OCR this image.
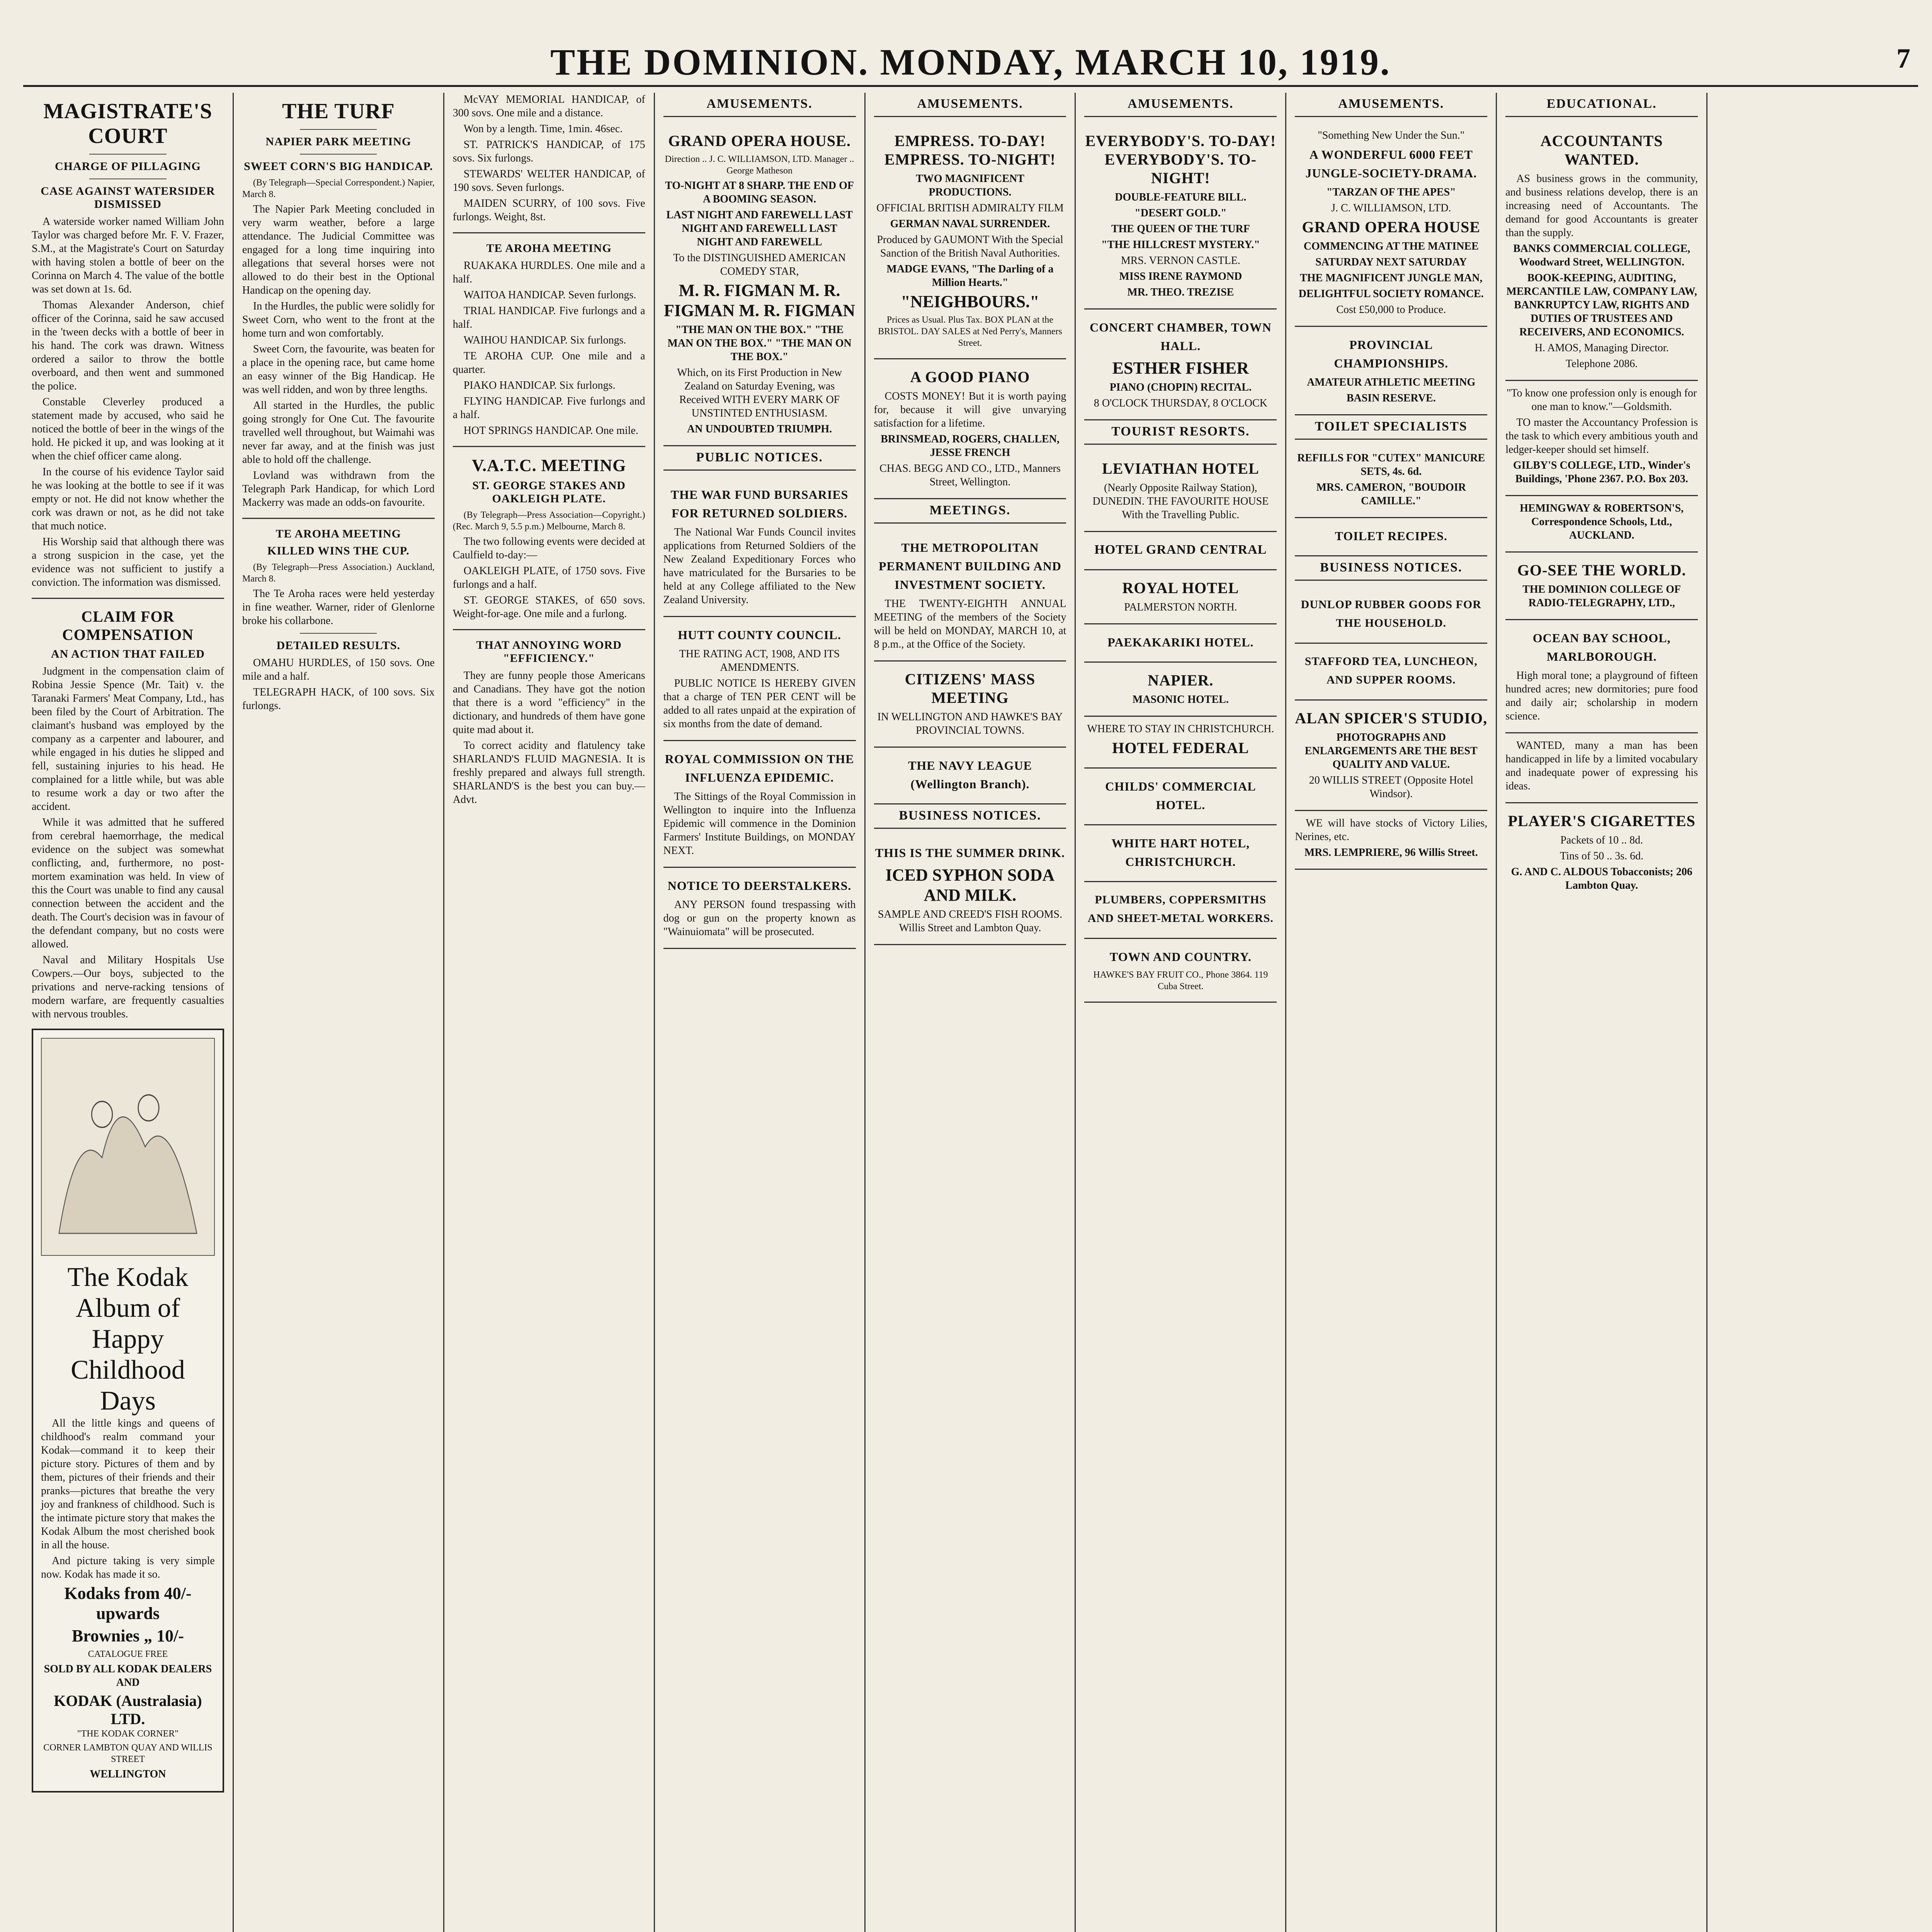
THE DOMINION. MONDAY, MARCH 10, 1919.	7
MAGISTRATE'S COURT
CHARGE OF PILLAGING
CASE AGAINST WATERSIDER DISMISSED

A waterside worker named William John Taylor was charged before Mr. F. V. Frazer, S.M., at the Magistrate's Court on Saturday with having stolen a bottle of beer on the Corinna on March 4. The value of the bottle was set down at 1s. 6d.

Thomas Alexander Anderson, chief officer of the Corinna, said he saw accused in the 'tween decks with a bottle of beer in his hand. The cork was drawn. Witness ordered a sailor to throw the bottle overboard, and then went and summoned the police.

Constable Cleverley produced a statement made by accused, who said he noticed the bottle of beer in the wings of the hold. He picked it up, and was looking at it when the chief officer came along.

In the course of his evidence Taylor said he was looking at the bottle to see if it was empty or not. He did not know whether the cork was drawn or not, as he did not take that much notice.

His Worship said that although there was a strong suspicion in the case, yet the evidence was not sufficient to justify a conviction. The information was dismissed.

CLAIM FOR COMPENSATION
AN ACTION THAT FAILED

Judgment in the compensation claim of Robina Jessie Spence (Mr. Tait) v. the Taranaki Farmers' Meat Company, Ltd., has been filed by the Court of Arbitration. The claimant's husband was employed by the company as a carpenter and labourer, and while engaged in his duties he slipped and fell, sustaining injuries to his head. He complained for a little while, but was able to resume work a day or two after the accident.

While it was admitted that he suffered from cerebral haemorrhage, the medical evidence on the subject was somewhat conflicting, and, furthermore, no post-mortem examination was held. In view of this the Court was unable to find any causal connection between the accident and the death. The Court's decision was in favour of the defendant company, but no costs were allowed.

Naval and Military Hospitals Use Cowpers.—Our boys, subjected to the privations and nerve-racking tensions of modern warfare, are frequently casualties with nervous troubles.

The Kodak Album of Happy Childhood Days

All the little kings and queens of childhood's realm command your Kodak—command it to keep their picture story. Pictures of them and by them, pictures of their friends and their pranks—pictures that breathe the very joy and frankness of childhood. Such is the intimate picture story that makes the Kodak Album the most cherished book in all the house.

And picture taking is very simple now. Kodak has made it so.

Kodaks from 40/- upwards

Brownies „ 10/-

CATALOGUE FREE

SOLD BY ALL KODAK DEALERS AND

KODAK (Australasia) LTD.

"THE KODAK CORNER"

CORNER LAMBTON QUAY AND WILLIS STREET

WELLINGTON

THE TURF
NAPIER PARK MEETING
SWEET CORN'S BIG HANDICAP.

(By Telegraph—Special Correspondent.) Napier, March 8.

The Napier Park Meeting concluded in very warm weather, before a large attendance. The Judicial Committee was engaged for a long time inquiring into allegations that several horses were not allowed to do their best in the Optional Handicap on the opening day.

In the Hurdles, the public were solidly for Sweet Corn, who went to the front at the home turn and won comfortably.

Sweet Corn, the favourite, was beaten for a place in the opening race, but came home an easy winner of the Big Handicap. He was well ridden, and won by three lengths.

All started in the Hurdles, the public going strongly for One Cut. The favourite travelled well throughout, but Waimahi was never far away, and at the finish was just able to hold off the challenge.

Lovland was withdrawn from the Telegraph Park Handicap, for which Lord Mackerry was made an odds-on favourite.

TE AROHA MEETING
KILLED WINS THE CUP.

(By Telegraph—Press Association.) Auckland, March 8.

The Te Aroha races were held yesterday in fine weather. Warner, rider of Glenlorne broke his collarbone.

DETAILED RESULTS.

OMAHU HURDLES, of 150 sovs. One mile and a half.

TELEGRAPH HACK, of 100 sovs. Six furlongs.

McVAY MEMORIAL HANDICAP, of 300 sovs. One mile and a distance.

Won by a length. Time, 1min. 46sec.

ST. PATRICK'S HANDICAP, of 175 sovs. Six furlongs.

STEWARDS' WELTER HANDICAP, of 190 sovs. Seven furlongs.

MAIDEN SCURRY, of 100 sovs. Five furlongs. Weight, 8st.

TE AROHA MEETING

RUAKAKA HURDLES. One mile and a half.

WAITOA HANDICAP. Seven furlongs.

TRIAL HANDICAP. Five furlongs and a half.

WAIHOU HANDICAP. Six furlongs.

TE AROHA CUP. One mile and a quarter.

PIAKO HANDICAP. Six furlongs.

FLYING HANDICAP. Five furlongs and a half.

HOT SPRINGS HANDICAP. One mile.

V.A.T.C. MEETING
ST. GEORGE STAKES AND OAKLEIGH PLATE.

(By Telegraph—Press Association—Copyright.) (Rec. March 9, 5.5 p.m.) Melbourne, March 8.

The two following events were decided at Caulfield to-day:—

OAKLEIGH PLATE, of 1750 sovs. Five furlongs and a half.

ST. GEORGE STAKES, of 650 sovs. Weight-for-age. One mile and a furlong.

THAT ANNOYING WORD "EFFICIENCY."

They are funny people those Americans and Canadians. They have got the notion that there is a word "efficiency" in the dictionary, and hundreds of them have gone quite mad about it.

To correct acidity and flatulency take SHARLAND'S FLUID MAGNESIA. It is freshly prepared and always full strength. SHARLAND'S is the best you can buy.—Advt.

AMUSEMENTS.
GRAND OPERA HOUSE.

Direction .. J. C. WILLIAMSON, LTD. Manager .. George Matheson

TO-NIGHT AT 8 SHARP. THE END OF A BOOMING SEASON.

LAST NIGHT AND FAREWELL LAST NIGHT AND FAREWELL LAST NIGHT AND FAREWELL

To the DISTINGUISHED AMERICAN COMEDY STAR,

M. R. FIGMAN M. R. FIGMAN M. R. FIGMAN

"THE MAN ON THE BOX." "THE MAN ON THE BOX." "THE MAN ON THE BOX."

Which, on its First Production in New Zealand on Saturday Evening, was Received WITH EVERY MARK OF UNSTINTED ENTHUSIASM.

AN UNDOUBTED TRIUMPH.

PUBLIC NOTICES.
THE WAR FUND BURSARIES FOR RETURNED SOLDIERS.

The National War Funds Council invites applications from Returned Soldiers of the New Zealand Expeditionary Forces who have matriculated for the Bursaries to be held at any College affiliated to the New Zealand University.

HUTT COUNTY COUNCIL.

THE RATING ACT, 1908, AND ITS AMENDMENTS.

PUBLIC NOTICE IS HEREBY GIVEN that a charge of TEN PER CENT will be added to all rates unpaid at the expiration of six months from the date of demand.

ROYAL COMMISSION ON THE INFLUENZA EPIDEMIC.

The Sittings of the Royal Commission in Wellington to inquire into the Influenza Epidemic will commence in the Dominion Farmers' Institute Buildings, on MONDAY NEXT.

NOTICE TO DEERSTALKERS.

ANY PERSON found trespassing with dog or gun on the property known as "Wainuiomata" will be prosecuted.

AMUSEMENTS.
EMPRESS. TO-DAY! EMPRESS. TO-NIGHT!

TWO MAGNIFICENT PRODUCTIONS.

OFFICIAL BRITISH ADMIRALTY FILM

GERMAN NAVAL SURRENDER.

Produced by GAUMONT With the Special Sanction of the British Naval Authorities.

MADGE EVANS, "The Darling of a Million Hearts."

"NEIGHBOURS."

Prices as Usual. Plus Tax. BOX PLAN at the BRISTOL. DAY SALES at Ned Perry's, Manners Street.

A GOOD PIANO

COSTS MONEY! But it is worth paying for, because it will give unvarying satisfaction for a lifetime.

BRINSMEAD, ROGERS, CHALLEN, JESSE FRENCH

CHAS. BEGG AND CO., LTD., Manners Street, Wellington.

MEETINGS.
THE METROPOLITAN PERMANENT BUILDING AND INVESTMENT SOCIETY.

THE TWENTY-EIGHTH ANNUAL MEETING of the members of the Society will be held on MONDAY, MARCH 10, at 8 p.m., at the Office of the Society.

CITIZENS' MASS MEETING

IN WELLINGTON AND HAWKE'S BAY PROVINCIAL TOWNS.

THE NAVY LEAGUE (Wellington Branch).
BUSINESS NOTICES.
THIS IS THE SUMMER DRINK.

ICED SYPHON SODA AND MILK.

SAMPLE AND CREED'S FISH ROOMS. Willis Street and Lambton Quay.

AMUSEMENTS.
EVERYBODY'S. TO-DAY! EVERYBODY'S. TO-NIGHT!

DOUBLE-FEATURE BILL.

"DESERT GOLD."

THE QUEEN OF THE TURF

"THE HILLCREST MYSTERY."

MRS. VERNON CASTLE.

MISS IRENE RAYMOND

MR. THEO. TREZISE

CONCERT CHAMBER, TOWN HALL.

ESTHER FISHER

PIANO (CHOPIN) RECITAL.

8 O'CLOCK THURSDAY, 8 O'CLOCK

TOURIST RESORTS.
LEVIATHAN HOTEL

(Nearly Opposite Railway Station), DUNEDIN. THE FAVOURITE HOUSE With the Travelling Public.

HOTEL GRAND CENTRAL
ROYAL HOTEL

PALMERSTON NORTH.

PAEKAKARIKI HOTEL.
NAPIER.

MASONIC HOTEL.

WHERE TO STAY IN CHRISTCHURCH.

HOTEL FEDERAL
CHILDS' COMMERCIAL HOTEL.
WHITE HART HOTEL, CHRISTCHURCH.
PLUMBERS, COPPERSMITHS AND SHEET-METAL WORKERS.
TOWN AND COUNTRY.

HAWKE'S BAY FRUIT CO., Phone 3864. 119 Cuba Street.

AMUSEMENTS.

"Something New Under the Sun."

A WONDERFUL 6000 FEET JUNGLE-SOCIETY-DRAMA.

"TARZAN OF THE APES"

J. C. WILLIAMSON, LTD.

GRAND OPERA HOUSE

COMMENCING AT THE MATINEE

SATURDAY NEXT SATURDAY

THE MAGNIFICENT JUNGLE MAN,

DELIGHTFUL SOCIETY ROMANCE.

Cost £50,000 to Produce.

PROVINCIAL CHAMPIONSHIPS.

AMATEUR ATHLETIC MEETING

BASIN RESERVE.

TOILET SPECIALISTS

REFILLS FOR "CUTEX" MANICURE SETS, 4s. 6d.

MRS. CAMERON, "BOUDOIR CAMILLE."

TOILET RECIPES.
BUSINESS NOTICES.
DUNLOP RUBBER GOODS FOR THE HOUSEHOLD.
STAFFORD TEA, LUNCHEON, AND SUPPER ROOMS.
ALAN SPICER'S STUDIO,

PHOTOGRAPHS AND ENLARGEMENTS ARE THE BEST QUALITY AND VALUE.

20 WILLIS STREET (Opposite Hotel Windsor).

WE will have stocks of Victory Lilies, Nerines, etc.

MRS. LEMPRIERE, 96 Willis Street.

EDUCATIONAL.
ACCOUNTANTS WANTED.

AS business grows in the community, and business relations develop, there is an increasing need of Accountants. The demand for good Accountants is greater than the supply.

BANKS COMMERCIAL COLLEGE, Woodward Street, WELLINGTON.

BOOK-KEEPING, AUDITING, MERCANTILE LAW, COMPANY LAW, BANKRUPTCY LAW, RIGHTS AND DUTIES OF TRUSTEES AND RECEIVERS, AND ECONOMICS.

H. AMOS, Managing Director.

Telephone 2086.

"To know one profession only is enough for one man to know."—Goldsmith.

TO master the Accountancy Profession is the task to which every ambitious youth and ledger-keeper should set himself.

GILBY'S COLLEGE, LTD., Winder's Buildings, 'Phone 2367. P.O. Box 203.

HEMINGWAY & ROBERTSON'S, Correspondence Schools, Ltd., AUCKLAND.

GO-SEE THE WORLD.

THE DOMINION COLLEGE OF RADIO-TELEGRAPHY, LTD.,

OCEAN BAY SCHOOL, MARLBOROUGH.

High moral tone; a playground of fifteen hundred acres; new dormitories; pure food and daily air; scholarship in modern science.

WANTED, many a man has been handicapped in life by a limited vocabulary and inadequate power of expressing his ideas.

PLAYER'S CIGARETTES

Packets of 10 .. 8d.

Tins of 50 .. 3s. 6d.

G. AND C. ALDOUS Tobacconists; 206 Lambton Quay.
